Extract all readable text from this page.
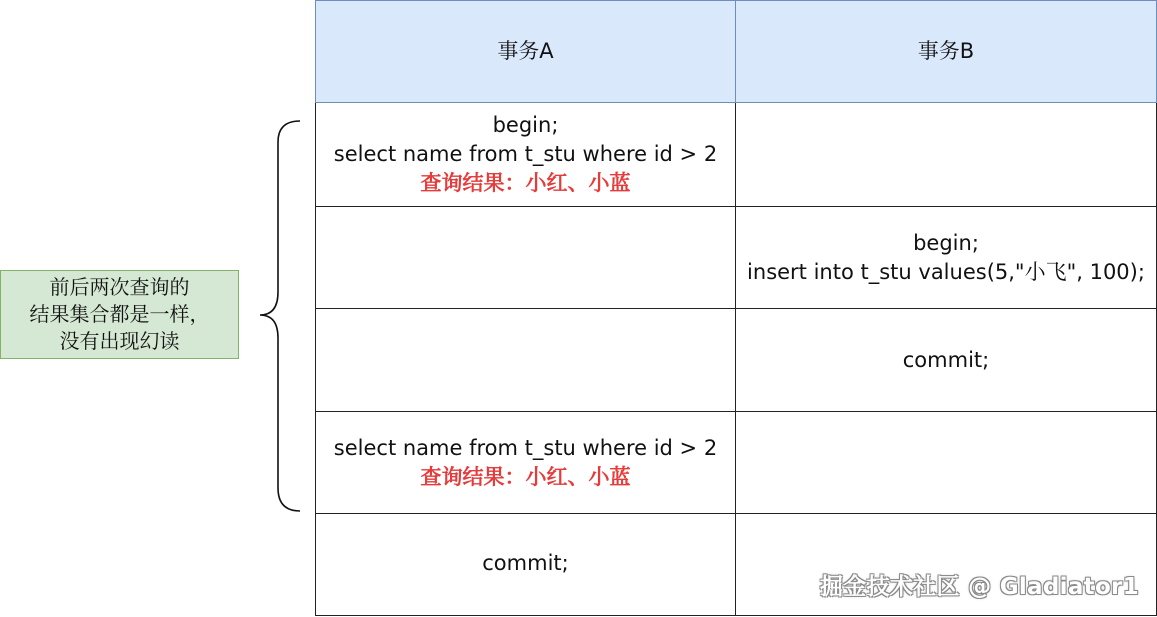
事务A	事务B

begin;
select name from t_stu where id > 2
查询结果：小红、小蓝	

	begin;
insert into t_stu values(5,"小飞", 100);

	commit;

select name from t_stu where id > 2
查询结果：小红、小蓝	

commit;	

前后两次查询的
结果集合都是一样，
没有出现幻读
掘金技术社区 @ Gladiator1
